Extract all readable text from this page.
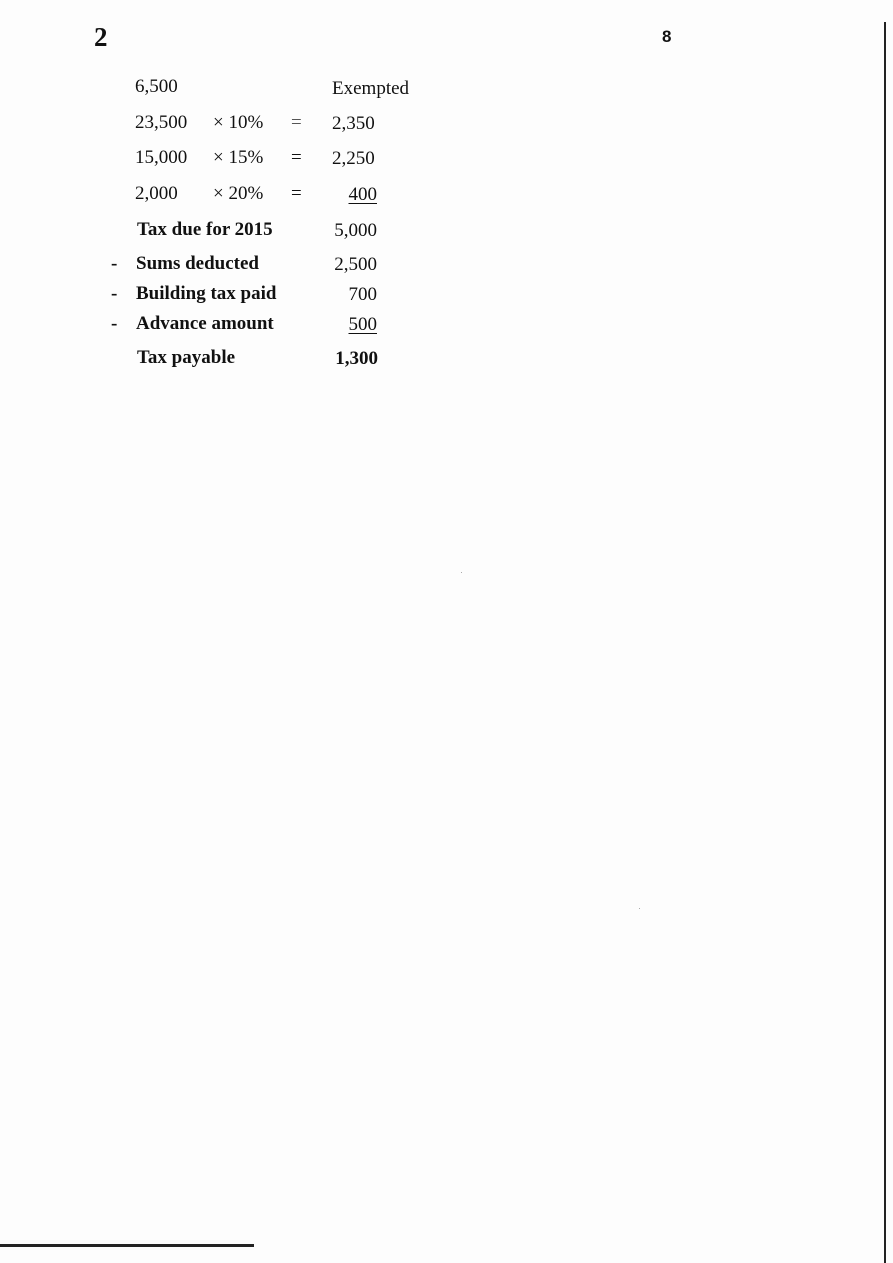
2	8
6,500	Exempted
23,500 × 10% = 2,350
15,000 × 15% = 2,250
2,000 × 20% =	400
Tax due for 2015	5,000
- Sums deducted	2,500
- Building tax paid	700
- Advance amount	500
Tax payable	1,300
